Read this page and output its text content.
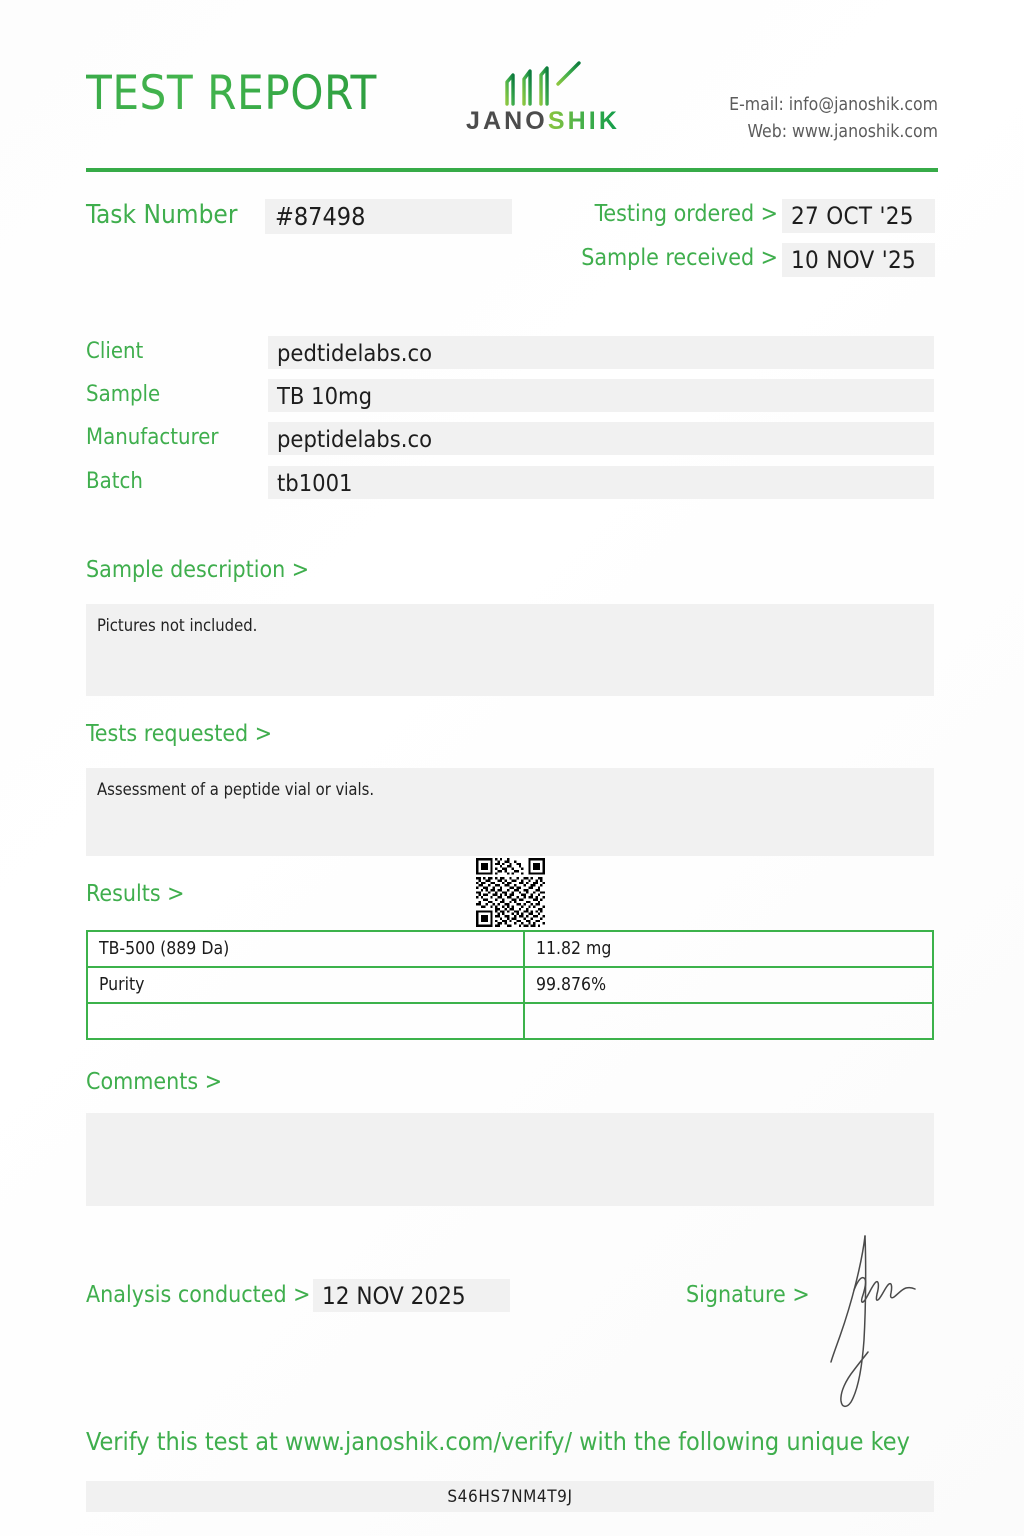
TEST REPORT	JANOSHIK
E-mail: info@janoshik.com
Web: www.janoshik.com
Task Number	#87498	Testing ordered > 27 OCT '25
Sample received > 10 NOV '25
Client	pedtidelabs.co
Sample	TB 10mg
Manufacturer	peptidelabs.co
Batch	tb1001
Sample description >
Pictures not included.
Tests requested >
Assessment of a peptide vial or vials.
Results >
TB-500 (889 Da)	11.82 mg
Purity	99.876%

Comments >
Analysis conducted > 12 NOV 2025	Signature >
Verify this test at www.janoshik.com/verify/ with the following unique key
S46HS7NM4T9J
